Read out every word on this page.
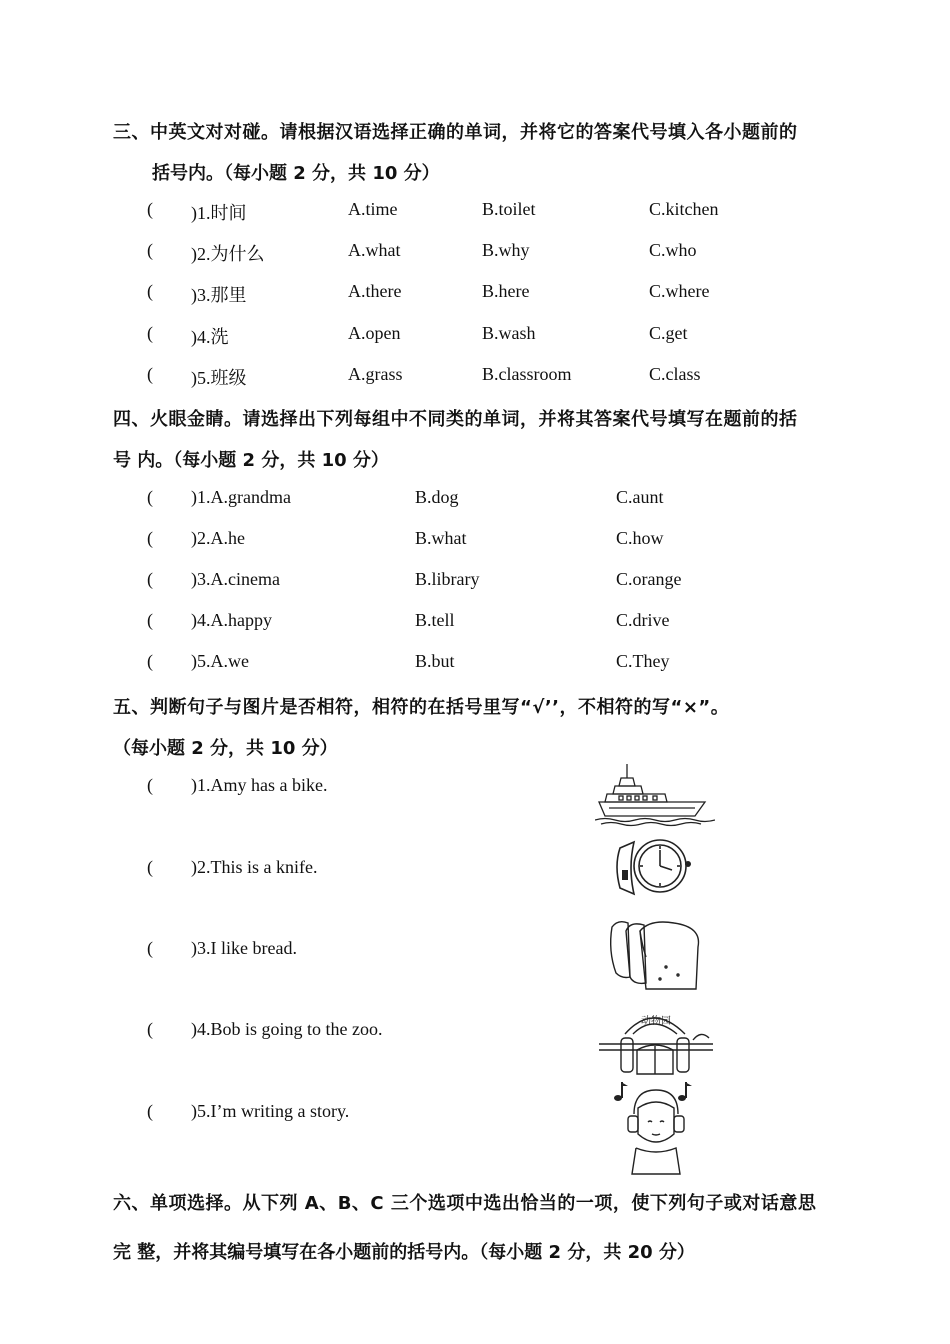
三、中英文对对碰。请根据汉语选择正确的单词，并将它的答案代号填入各小题前的
括号内。（每小题 2 分，共 10 分）
( )1.时间	A.time	B.toilet	C.kitchen
( )2.为什么	A.what	B.why	C.who
( )3.那里	A.there	B.here	C.where
( )4.洗	A.open	B.wash	C.get
( )5.班级	A.grass	B.classroom	C.class
四、火眼金睛。请选择出下列每组中不同类的单词，并将其答案代号填写在题前的括
号 内。（每小题 2 分，共 10 分）
( )1.A.grandma	B.dog	C.aunt
( )2.A.he	B.what	C.how
( )3.A.cinema	B.library	C.orange
( )4.A.happy	B.tell	C.drive
( )5.A.we	B.but	C.They
五、判断句子与图片是否相符，相符的在括号里写“√’’，不相符的写“×”。
（每小题 2 分，共 10 分）
( )1.Amy has a bike.
( )2.This is a knife.
( )3.I like bread.
( )4.Bob is going to the zoo.
( )5.I’m writing a story.
动物园
六、单项选择。从下列 A、B、C 三个选项中选出恰当的一项，使下列句子或对话意思
完 整，并将其编号填写在各小题前的括号内。（每小题 2 分，共 20 分）
